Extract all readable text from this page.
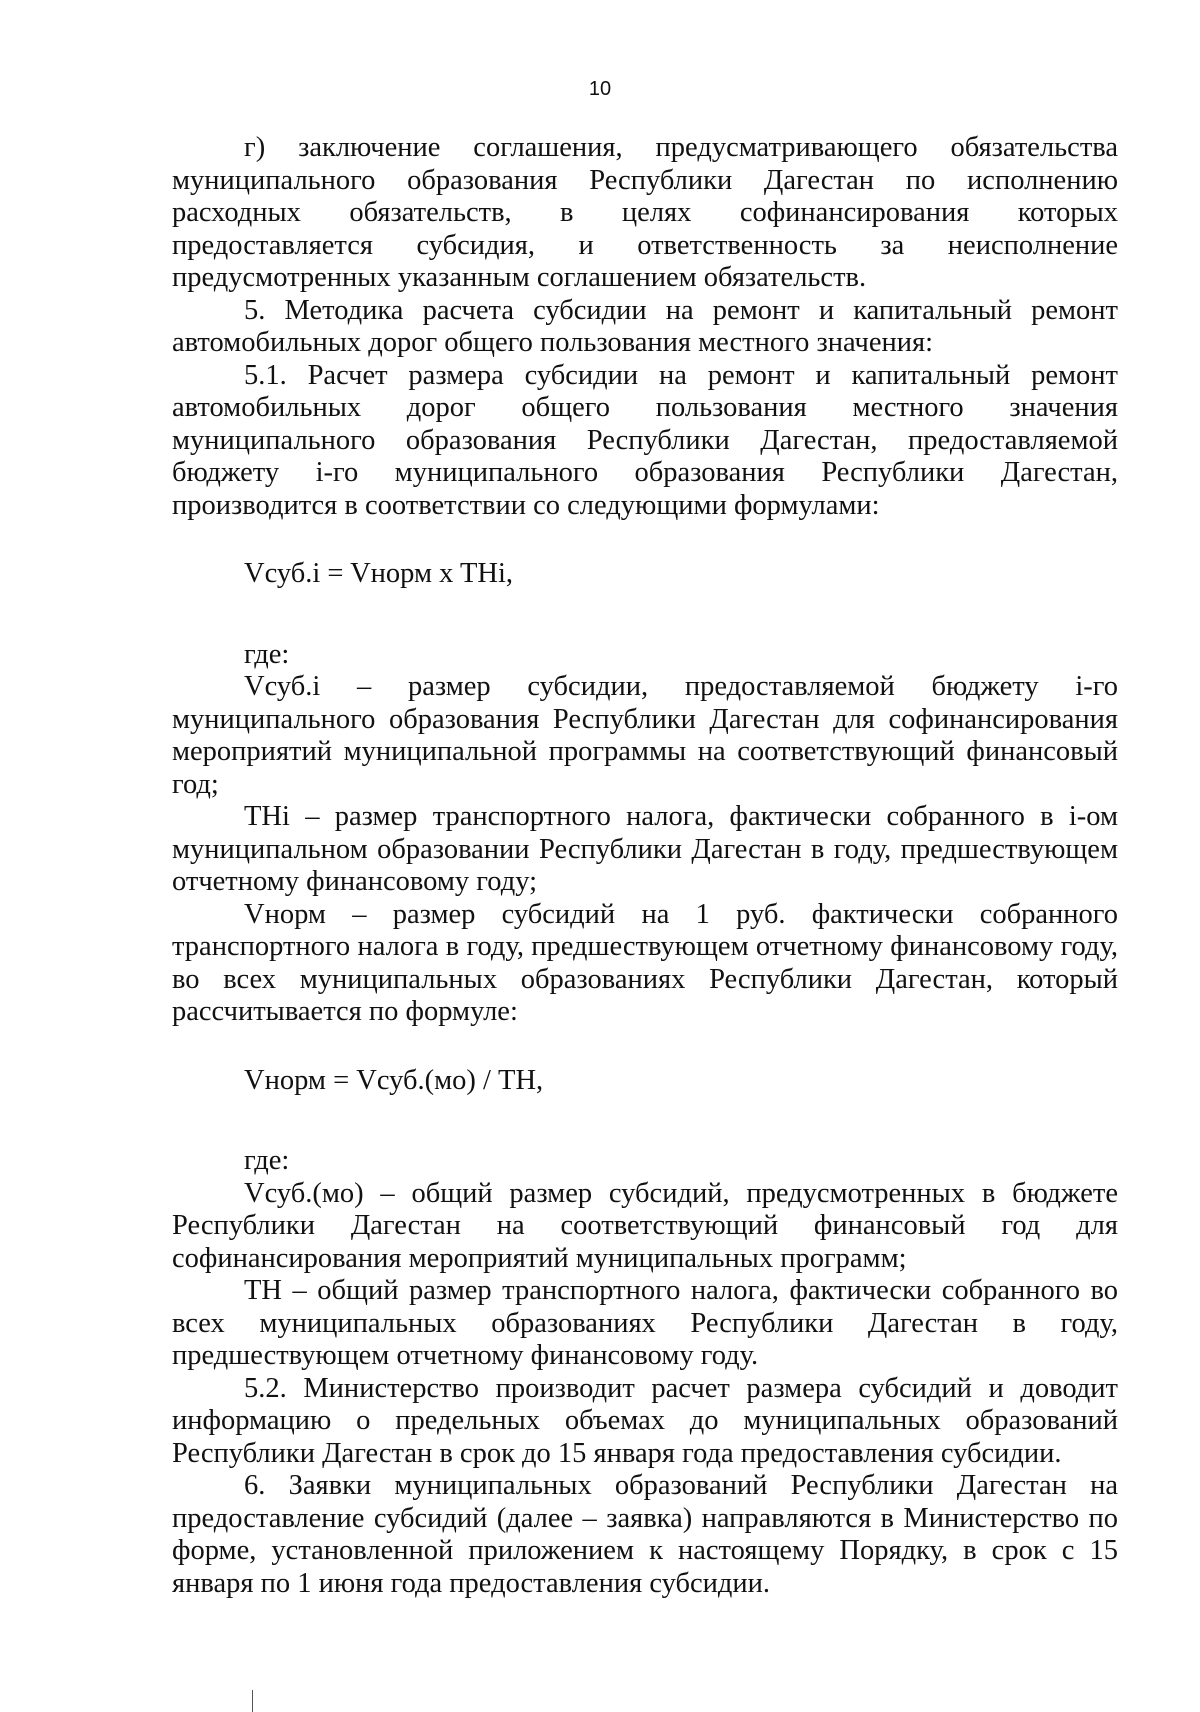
10

г) заключение соглашения, предусматривающего обязательства муниципального образования Республики Дагестан по исполнению расходных обязательств, в целях софинансирования которых предоставляется субсидия, и ответственность за неисполнение предусмотренных указанным соглашением обязательств.

5. Методика расчета субсидии на ремонт и капитальный ремонт автомобильных дорог общего пользования местного значения:

5.1. Расчет размера субсидии на ремонт и капитальный ремонт автомобильных дорог общего пользования местного значения муниципального образования Республики Дагестан, предоставляемой бюджету i-го муниципального образования Республики Дагестан, производится в соответствии со следующими формулами:

Vсуб.i = Vнорм x THi,

где:

Vсуб.i – размер субсидии, предоставляемой бюджету i-го муниципального образования Республики Дагестан для софинансирования мероприятий муниципальной программы на соответствующий финансовый год;

THi – размер транспортного налога, фактически собранного в i-ом муниципальном образовании Республики Дагестан в году, предшествующем отчетному финансовому году;

Vнорм – размер субсидий на 1 руб. фактически собранного транспортного налога в году, предшествующем отчетному финансовому году, во всех муниципальных образованиях Республики Дагестан, который рассчитывается по формуле:

Vнорм = Vсуб.(мо) / TH,

где:

Vсуб.(мо) – общий размер субсидий, предусмотренных в бюджете Республики Дагестан на соответствующий финансовый год для софинансирования мероприятий муниципальных программ;

TH – общий размер транспортного налога, фактически собранного во всех муниципальных образованиях Республики Дагестан в году, предшествующем отчетному финансовому году.

5.2. Министерство производит расчет размера субсидий и доводит информацию о предельных объемах до муниципальных образований Республики Дагестан в срок до 15 января года предоставления субсидии.

6. Заявки муниципальных образований Республики Дагестан на предоставление субсидий (далее – заявка) направляются в Министерство по форме, установленной приложением к настоящему Порядку, в срок с 15 января по 1 июня года предоставления субсидии.
